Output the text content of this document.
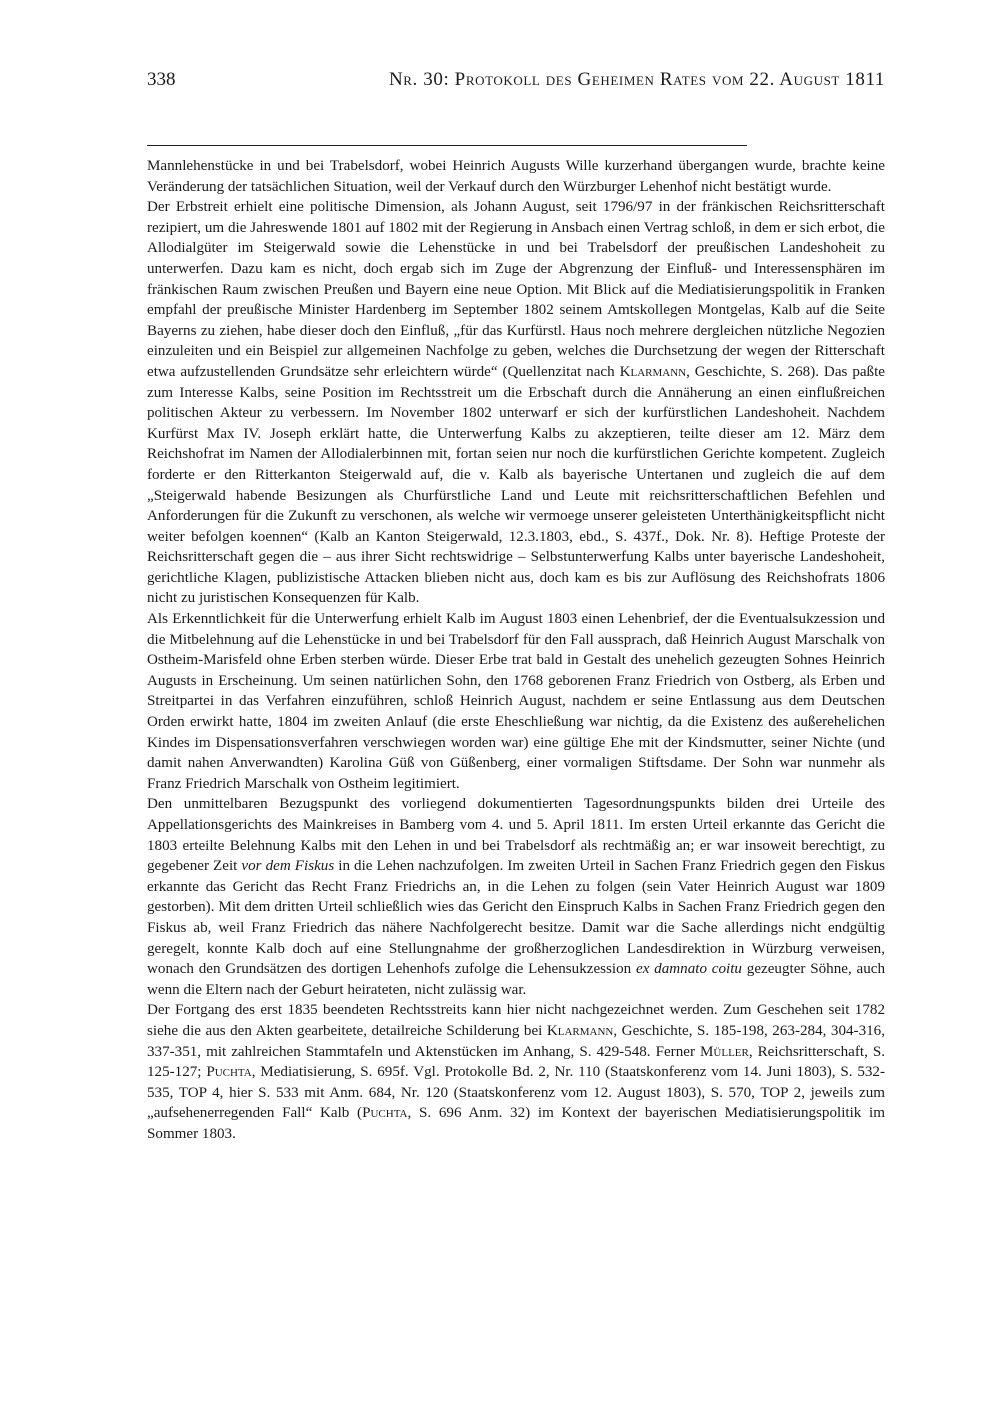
338	Nr. 30: Protokoll des Geheimen Rates vom 22. August 1811

Mannlehenstücke in und bei Trabelsdorf, wobei Heinrich Augusts Wille kurzerhand übergangen wurde, brachte keine Veränderung der tatsächlichen Situation, weil der Verkauf durch den Würzburger Lehenhof nicht bestätigt wurde.

Der Erbstreit erhielt eine politische Dimension, als Johann August, seit 1796/97 in der fränkischen Reichsritterschaft rezipiert, um die Jahreswende 1801 auf 1802 mit der Regierung in Ansbach einen Vertrag schloß, in dem er sich erbot, die Allodialgüter im Steigerwald sowie die Lehenstücke in und bei Trabelsdorf der preußischen Landeshoheit zu unterwerfen. Dazu kam es nicht, doch ergab sich im Zuge der Abgrenzung der Einfluß- und Interessensphären im fränkischen Raum zwischen Preußen und Bayern eine neue Option. Mit Blick auf die Mediatisierungspolitik in Franken empfahl der preußische Minister Hardenberg im September 1802 seinem Amtskollegen Montgelas, Kalb auf die Seite Bayerns zu ziehen, habe dieser doch den Einfluß, „für das Kurfürstl. Haus noch mehrere dergleichen nützliche Negozien einzuleiten und ein Beispiel zur allgemeinen Nachfolge zu geben, welches die Durchsetzung der wegen der Ritterschaft etwa aufzustellenden Grundsätze sehr erleichtern würde“ (Quellenzitat nach Klarmann, Geschichte, S. 268). Das paßte zum Interesse Kalbs, seine Position im Rechtsstreit um die Erbschaft durch die Annäherung an einen einflußreichen politischen Akteur zu verbessern. Im November 1802 unterwarf er sich der kurfürstlichen Landeshoheit. Nachdem Kurfürst Max IV. Joseph erklärt hatte, die Unterwerfung Kalbs zu akzeptieren, teilte dieser am 12. März dem Reichshofrat im Namen der Allodialerbinnen mit, fortan seien nur noch die kurfürstlichen Gerichte kompetent. Zugleich forderte er den Ritterkanton Steigerwald auf, die v. Kalb als bayerische Untertanen und zugleich die auf dem „Steigerwald habende Besizungen als Churfürstliche Land und Leute mit reichsritterschaftlichen Befehlen und Anforderungen für die Zukunft zu verschonen, als welche wir vermoege unserer geleisteten Unterthänigkeitspflicht nicht weiter befolgen koennen“ (Kalb an Kanton Steigerwald, 12.3.1803, ebd., S. 437f., Dok. Nr. 8). Heftige Proteste der Reichsritterschaft gegen die – aus ihrer Sicht rechtswidrige – Selbstunterwerfung Kalbs unter bayerische Landeshoheit, gerichtliche Klagen, publizistische Attacken blieben nicht aus, doch kam es bis zur Auflösung des Reichshofrats 1806 nicht zu juristischen Konsequenzen für Kalb.

Als Erkenntlichkeit für die Unterwerfung erhielt Kalb im August 1803 einen Lehenbrief, der die Eventualsukzession und die Mitbelehnung auf die Lehenstücke in und bei Trabelsdorf für den Fall aussprach, daß Heinrich August Marschalk von Ostheim-Marisfeld ohne Erben sterben würde. Dieser Erbe trat bald in Gestalt des unehelich gezeugten Sohnes Heinrich Augusts in Erscheinung. Um seinen natürlichen Sohn, den 1768 geborenen Franz Friedrich von Ostberg, als Erben und Streitpartei in das Verfahren einzuführen, schloß Heinrich August, nachdem er seine Entlassung aus dem Deutschen Orden erwirkt hatte, 1804 im zweiten Anlauf (die erste Eheschließung war nichtig, da die Existenz des außerehelichen Kindes im Dispensationsverfahren verschwiegen worden war) eine gültige Ehe mit der Kindsmutter, seiner Nichte (und damit nahen Anverwandten) Karolina Güß von Güßenberg, einer vormaligen Stiftsdame. Der Sohn war nunmehr als Franz Friedrich Marschalk von Ostheim legitimiert.

Den unmittelbaren Bezugspunkt des vorliegend dokumentierten Tagesordnungspunkts bilden drei Urteile des Appellationsgerichts des Mainkreises in Bamberg vom 4. und 5. April 1811. Im ersten Urteil erkannte das Gericht die 1803 erteilte Belehnung Kalbs mit den Lehen in und bei Trabelsdorf als rechtmäßig an; er war insoweit berechtigt, zu gegebener Zeit vor dem Fiskus in die Lehen nachzufolgen. Im zweiten Urteil in Sachen Franz Friedrich gegen den Fiskus erkannte das Gericht das Recht Franz Friedrichs an, in die Lehen zu folgen (sein Vater Heinrich August war 1809 gestorben). Mit dem dritten Urteil schließlich wies das Gericht den Einspruch Kalbs in Sachen Franz Friedrich gegen den Fiskus ab, weil Franz Friedrich das nähere Nachfolgerecht besitze. Damit war die Sache allerdings nicht endgültig geregelt, konnte Kalb doch auf eine Stellungnahme der großherzoglichen Landesdirektion in Würzburg verweisen, wonach den Grundsätzen des dortigen Lehenhofs zufolge die Lehensukzession ex damnato coitu gezeugter Söhne, auch wenn die Eltern nach der Geburt heirateten, nicht zulässig war.

Der Fortgang des erst 1835 beendeten Rechtsstreits kann hier nicht nachgezeichnet werden. Zum Geschehen seit 1782 siehe die aus den Akten gearbeitete, detailreiche Schilderung bei Klarmann, Geschichte, S. 185-198, 263-284, 304-316, 337-351, mit zahlreichen Stammtafeln und Aktenstücken im Anhang, S. 429-548. Ferner Müller, Reichsritterschaft, S. 125-127; Puchta, Mediatisierung, S. 695f. Vgl. Protokolle Bd. 2, Nr. 110 (Staatskonferenz vom 14. Juni 1803), S. 532-535, TOP 4, hier S. 533 mit Anm. 684, Nr. 120 (Staatskonferenz vom 12. August 1803), S. 570, TOP 2, jeweils zum „aufsehenerregenden Fall“ Kalb (Puchta, S. 696 Anm. 32) im Kontext der bayerischen Mediatisierungspolitik im Sommer 1803.
